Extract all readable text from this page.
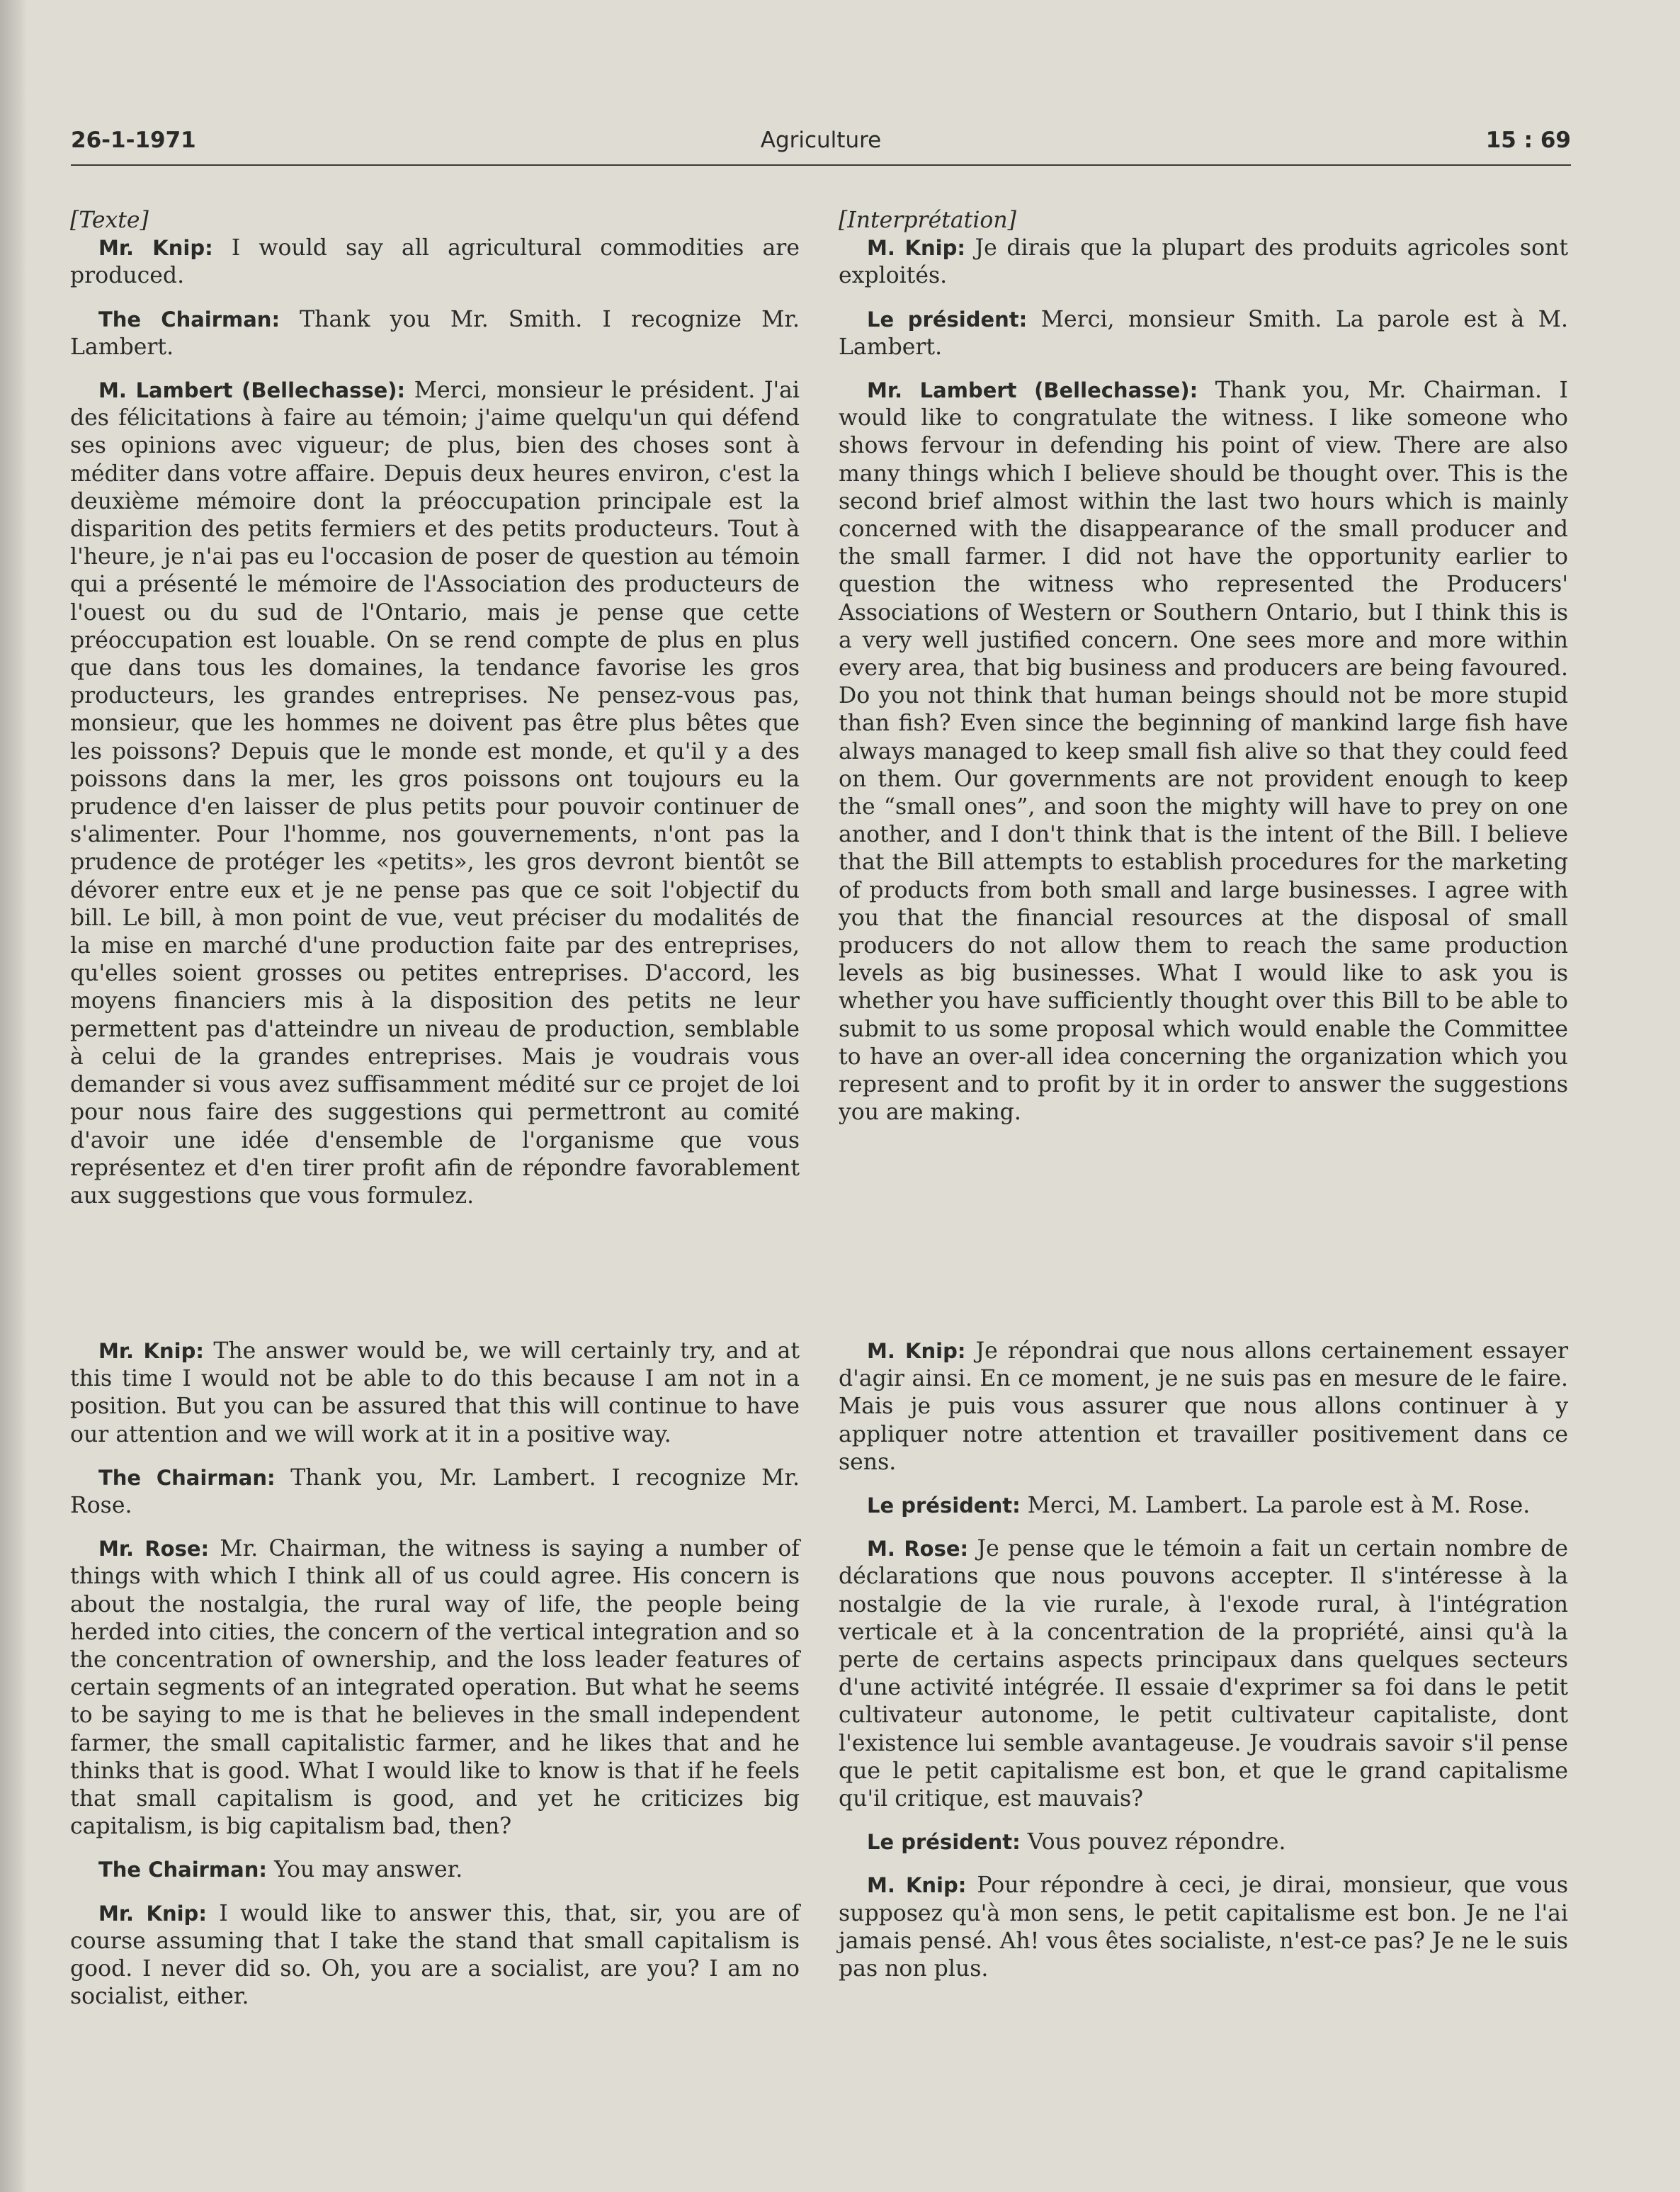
26-1-1971	Agriculture	15 : 69

[Texte]

Mr. Knip: I would say all agricultural commodities are produced.

The Chairman: Thank you Mr. Smith. I recognize Mr. Lambert.

M. Lambert (Bellechasse): Merci, monsieur le président. J'ai des félicitations à faire au témoin; j'aime quelqu'un qui défend ses opinions avec vigueur; de plus, bien des choses sont à méditer dans votre affaire. Depuis deux heures environ, c'est la deuxième mémoire dont la préoccupation principale est la disparition des petits fermiers et des petits producteurs. Tout à l'heure, je n'ai pas eu l'occasion de poser de question au témoin qui a présenté le mémoire de l'Association des producteurs de l'ouest ou du sud de l'Ontario, mais je pense que cette préoccupation est louable. On se rend compte de plus en plus que dans tous les domaines, la tendance favorise les gros producteurs, les grandes entreprises. Ne pensez-vous pas, monsieur, que les hommes ne doivent pas être plus bêtes que les poissons? Depuis que le monde est monde, et qu'il y a des poissons dans la mer, les gros poissons ont toujours eu la prudence d'en laisser de plus petits pour pouvoir continuer de s'alimenter. Pour l'homme, nos gouvernements, n'ont pas la prudence de protéger les «petits», les gros devront bientôt se dévorer entre eux et je ne pense pas que ce soit l'objectif du bill. Le bill, à mon point de vue, veut préciser du modalités de la mise en marché d'une production faite par des entreprises, qu'elles soient grosses ou petites entreprises. D'accord, les moyens financiers mis à la disposition des petits ne leur permettent pas d'atteindre un niveau de production, semblable à celui de la grandes entreprises. Mais je voudrais vous demander si vous avez suffisamment médité sur ce projet de loi pour nous faire des suggestions qui permettront au comité d'avoir une idée d'ensemble de l'organisme que vous représentez et d'en tirer profit afin de répondre favorablement aux suggestions que vous formulez.

Mr. Knip: The answer would be, we will certainly try, and at this time I would not be able to do this because I am not in a position. But you can be assured that this will continue to have our attention and we will work at it in a positive way.

The Chairman: Thank you, Mr. Lambert. I recognize Mr. Rose.

Mr. Rose: Mr. Chairman, the witness is saying a number of things with which I think all of us could agree. His concern is about the nostalgia, the rural way of life, the people being herded into cities, the concern of the vertical integration and so the concentration of ownership, and the loss leader features of certain segments of an integrated operation. But what he seems to be saying to me is that he believes in the small independent farmer, the small capitalistic farmer, and he likes that and he thinks that is good. What I would like to know is that if he feels that small capitalism is good, and yet he criticizes big capitalism, is big capitalism bad, then?

The Chairman: You may answer.

Mr. Knip: I would like to answer this, that, sir, you are of course assuming that I take the stand that small capitalism is good. I never did so. Oh, you are a socialist, are you? I am no socialist, either.

[Interprétation]

M. Knip: Je dirais que la plupart des produits agricoles sont exploités.

Le président: Merci, monsieur Smith. La parole est à M. Lambert.

Mr. Lambert (Bellechasse): Thank you, Mr. Chairman. I would like to congratulate the witness. I like someone who shows fervour in defending his point of view. There are also many things which I believe should be thought over. This is the second brief almost within the last two hours which is mainly concerned with the disappearance of the small producer and the small farmer. I did not have the opportunity earlier to question the witness who represented the Producers' Associations of Western or Southern Ontario, but I think this is a very well justified concern. One sees more and more within every area, that big business and producers are being favoured. Do you not think that human beings should not be more stupid than fish? Even since the beginning of mankind large fish have always managed to keep small fish alive so that they could feed on them. Our governments are not provident enough to keep the “small ones”, and soon the mighty will have to prey on one another, and I don't think that is the intent of the Bill. I believe that the Bill attempts to establish procedures for the marketing of products from both small and large businesses. I agree with you that the financial resources at the disposal of small producers do not allow them to reach the same production levels as big businesses. What I would like to ask you is whether you have sufficiently thought over this Bill to be able to submit to us some proposal which would enable the Committee to have an over-all idea concerning the organization which you represent and to profit by it in order to answer the suggestions you are making.

M. Knip: Je répondrai que nous allons certainement essayer d'agir ainsi. En ce moment, je ne suis pas en mesure de le faire. Mais je puis vous assurer que nous allons continuer à y appliquer notre attention et travailler positivement dans ce sens.

Le président: Merci, M. Lambert. La parole est à M. Rose.

M. Rose: Je pense que le témoin a fait un certain nombre de déclarations que nous pouvons accepter. Il s'intéresse à la nostalgie de la vie rurale, à l'exode rural, à l'intégration verticale et à la concentration de la propriété, ainsi qu'à la perte de certains aspects principaux dans quelques secteurs d'une activité intégrée. Il essaie d'exprimer sa foi dans le petit cultivateur autonome, le petit cultivateur capitaliste, dont l'existence lui semble avantageuse. Je voudrais savoir s'il pense que le petit capitalisme est bon, et que le grand capitalisme qu'il critique, est mauvais?

Le président: Vous pouvez répondre.

M. Knip: Pour répondre à ceci, je dirai, monsieur, que vous supposez qu'à mon sens, le petit capitalisme est bon. Je ne l'ai jamais pensé. Ah! vous êtes socialiste, n'est-ce pas? Je ne le suis pas non plus.
